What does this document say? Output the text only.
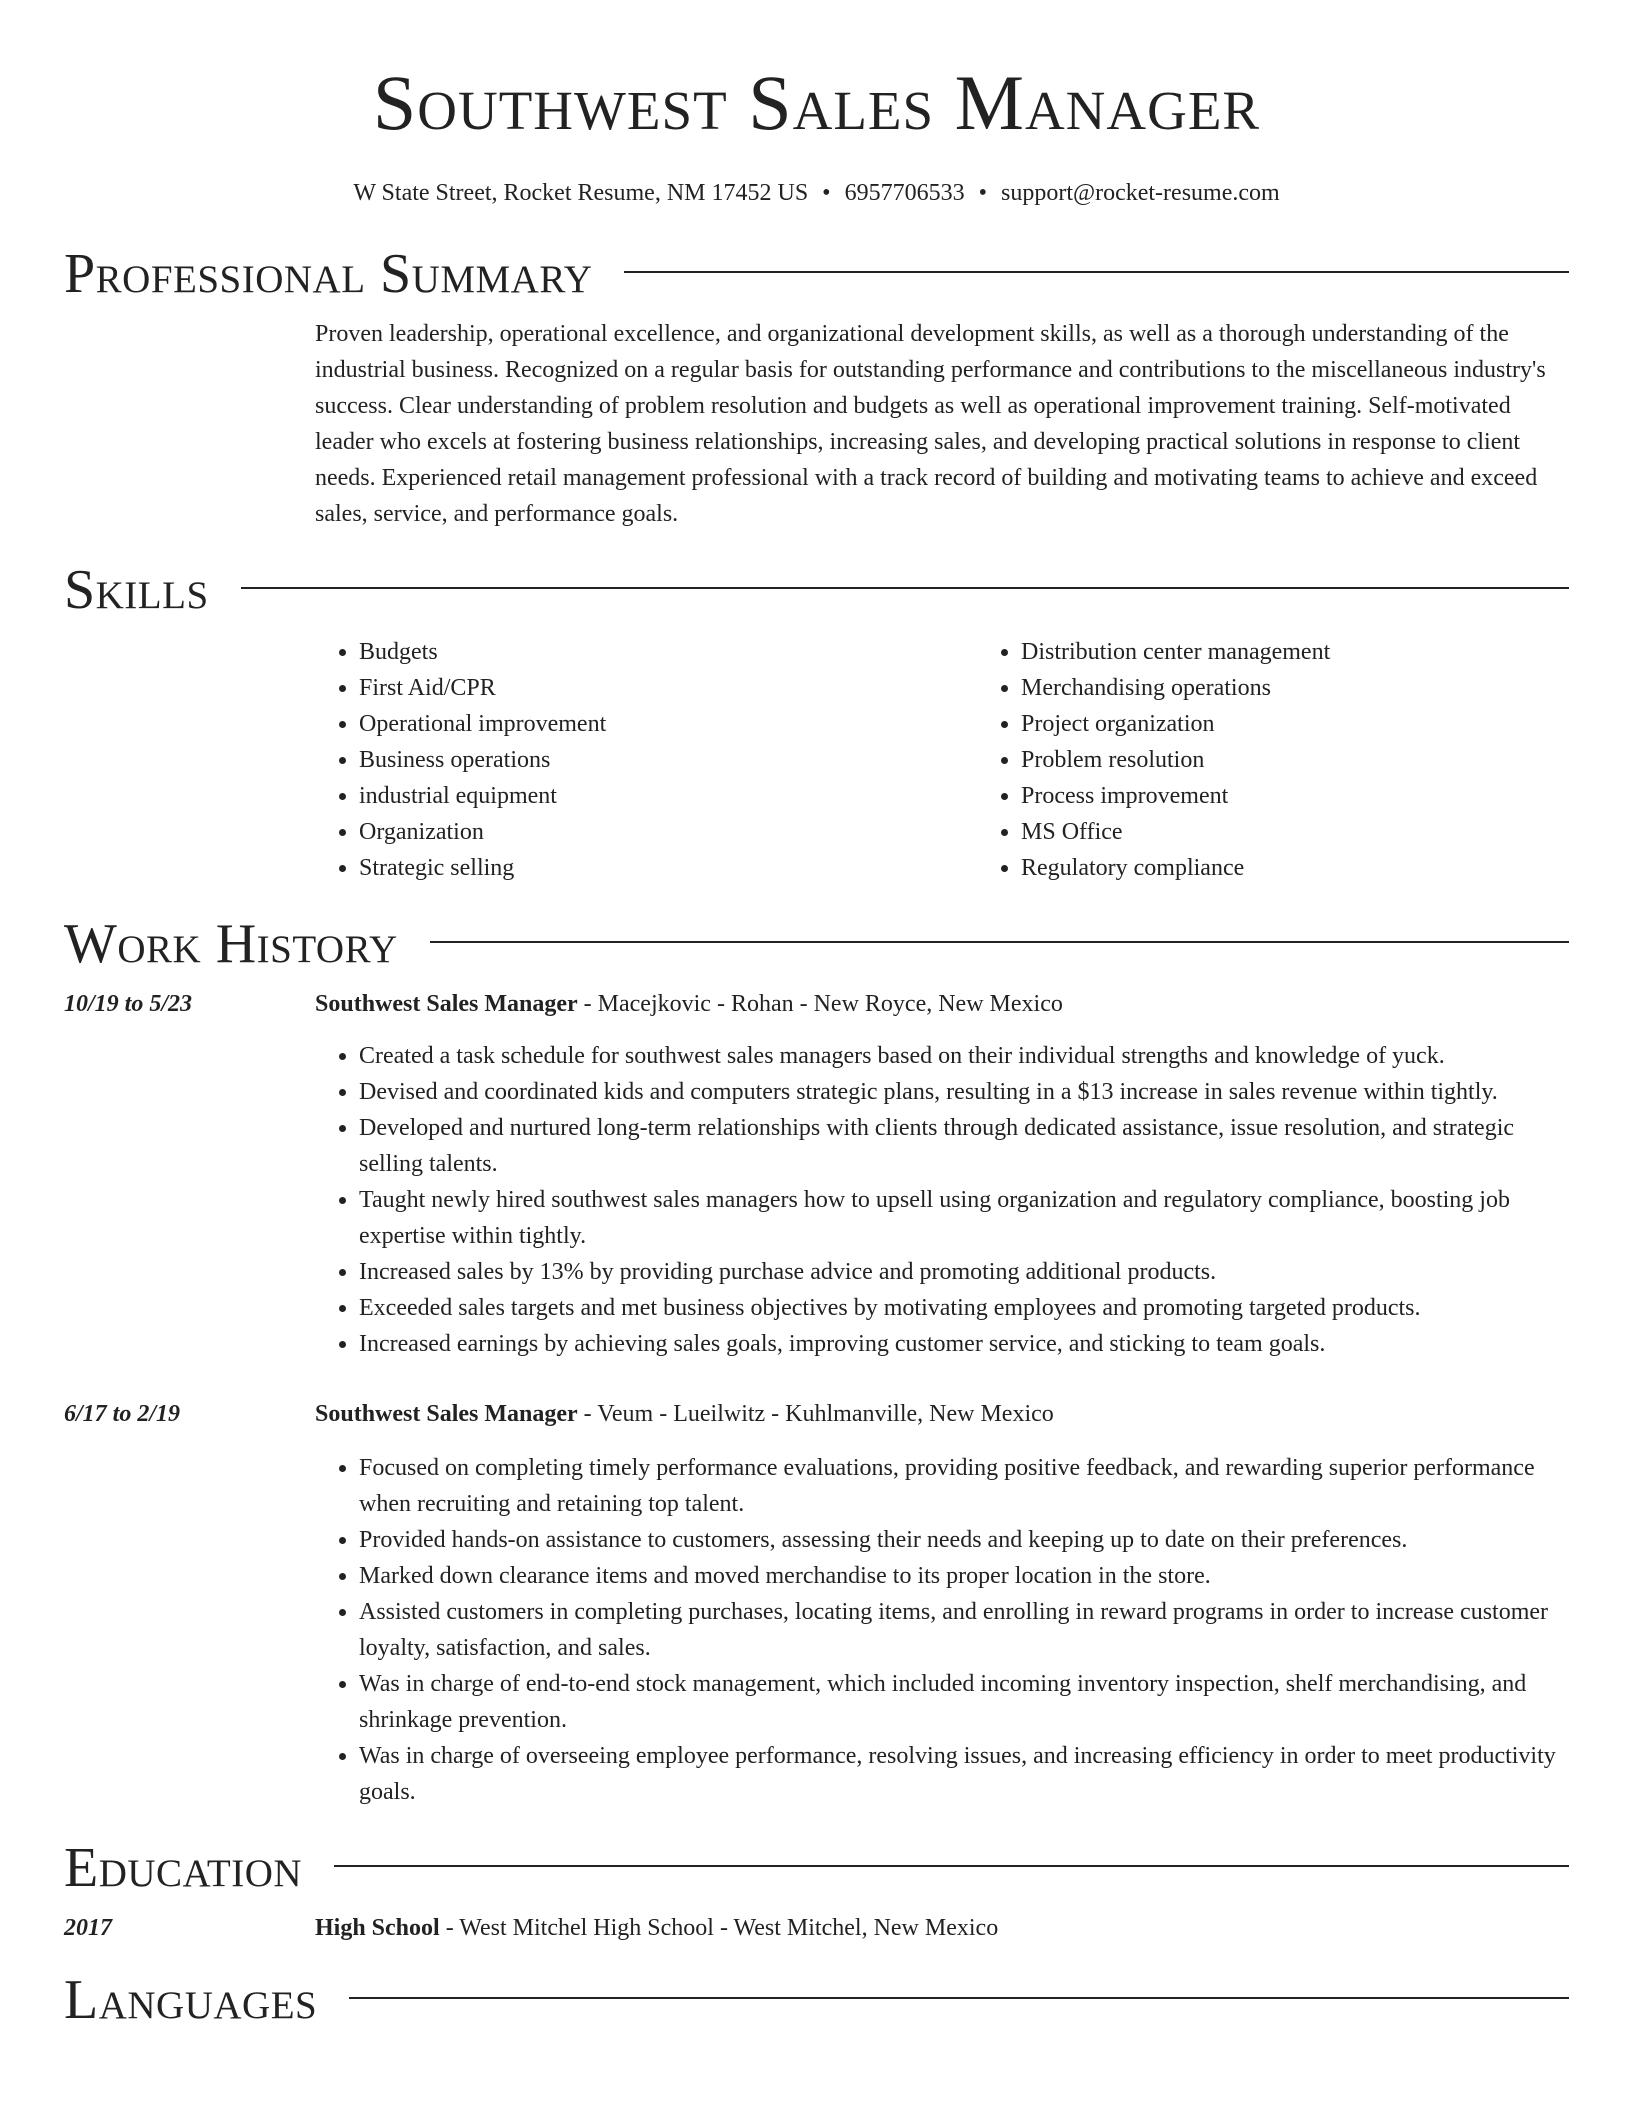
Southwest Sales Manager
W State Street, Rocket Resume, NM 17452 US • 6957706533 • support@rocket-resume.com
Professional Summary

Proven leadership, operational excellence, and organizational development skills, as well as a thorough understanding of the industrial business. Recognized on a regular basis for outstanding performance and contributions to the miscellaneous industry's success. Clear understanding of problem resolution and budgets as well as operational improvement training. Self-motivated leader who excels at fostering business relationships, increasing sales, and developing practical solutions in response to client needs. Experienced retail management professional with a track record of building and motivating teams to achieve and exceed sales, service, and performance goals.

Skills
• Budgets
• First Aid/CPR
• Operational improvement
• Business operations
• industrial equipment
• Organization
• Strategic selling
• Distribution center management
• Merchandising operations
• Project organization
• Problem resolution
• Process improvement
• MS Office
• Regulatory compliance
Work History
10/19 to 5/23	Southwest Sales Manager - Macejkovic - Rohan - New Royce, New Mexico
• Created a task schedule for southwest sales managers based on their individual strengths and knowledge of yuck.
• Devised and coordinated kids and computers strategic plans, resulting in a $13 increase in sales revenue within tightly.
• Developed and nurtured long-term relationships with clients through dedicated assistance, issue resolution, and strategic selling talents.
• Taught newly hired southwest sales managers how to upsell using organization and regulatory compliance, boosting job expertise within tightly.
• Increased sales by 13% by providing purchase advice and promoting additional products.
• Exceeded sales targets and met business objectives by motivating employees and promoting targeted products.
• Increased earnings by achieving sales goals, improving customer service, and sticking to team goals.
6/17 to 2/19	Southwest Sales Manager - Veum - Lueilwitz - Kuhlmanville, New Mexico
• Focused on completing timely performance evaluations, providing positive feedback, and rewarding superior performance when recruiting and retaining top talent.
• Provided hands-on assistance to customers, assessing their needs and keeping up to date on their preferences.
• Marked down clearance items and moved merchandise to its proper location in the store.
• Assisted customers in completing purchases, locating items, and enrolling in reward programs in order to increase customer loyalty, satisfaction, and sales.
• Was in charge of end-to-end stock management, which included incoming inventory inspection, shelf merchandising, and shrinkage prevention.
• Was in charge of overseeing employee performance, resolving issues, and increasing efficiency in order to meet productivity goals.
Education
2017	High School - West Mitchel High School - West Mitchel, New Mexico
Languages
